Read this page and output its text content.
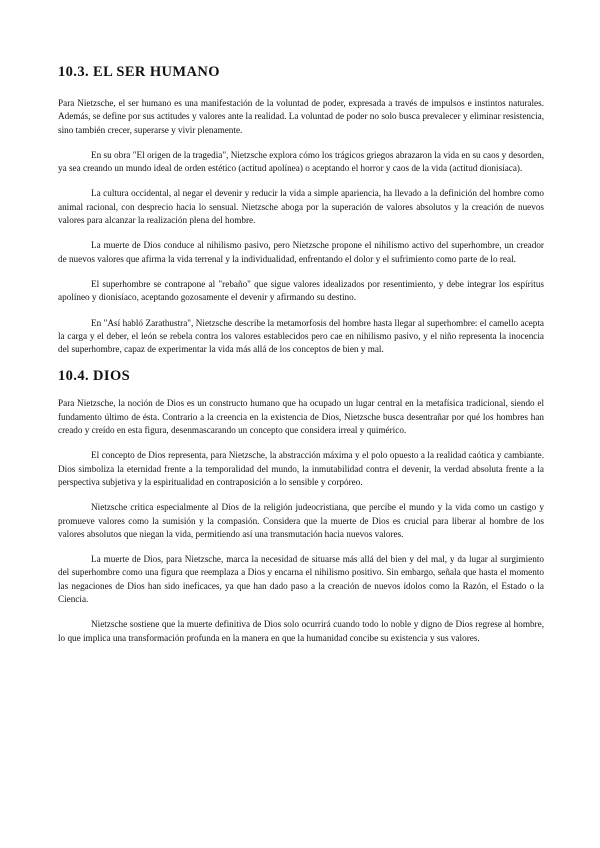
10.3. EL SER HUMANO

Para Nietzsche, el ser humano es una manifestación de la voluntad de poder, expresada a través de impulsos e instintos naturales. Además, se define por sus actitudes y valores ante la realidad. La voluntad de poder no solo busca prevalecer y eliminar resistencia, sino también crecer, superarse y vivir plenamente.

En su obra "El origen de la tragedia", Nietzsche explora cómo los trágicos griegos abrazaron la vida en su caos y desorden, ya sea creando un mundo ideal de orden estético (actitud apolínea) o aceptando el horror y caos de la vida (actitud dionisíaca).

La cultura occidental, al negar el devenir y reducir la vida a simple apariencia, ha llevado a la definición del hombre como animal racional, con desprecio hacia lo sensual. Nietzsche aboga por la superación de valores absolutos y la creación de nuevos valores para alcanzar la realización plena del hombre.

La muerte de Dios conduce al nihilismo pasivo, pero Nietzsche propone el nihilismo activo del superhombre, un creador de nuevos valores que afirma la vida terrenal y la individualidad, enfrentando el dolor y el sufrimiento como parte de lo real.

El superhombre se contrapone al "rebaño" que sigue valores idealizados por resentimiento, y debe integrar los espíritus apolíneo y dionisíaco, aceptando gozosamente el devenir y afirmando su destino.

En "Así habló Zarathustra", Nietzsche describe la metamorfosis del hombre hasta llegar al superhombre: el camello acepta la carga y el deber, el león se rebela contra los valores establecidos pero cae en nihilismo pasivo, y el niño representa la inocencia del superhombre, capaz de experimentar la vida más allá de los conceptos de bien y mal.

10.4. DIOS

Para Nietzsche, la noción de Dios es un constructo humano que ha ocupado un lugar central en la metafísica tradicional, siendo el fundamento último de ésta. Contrario a la creencia en la existencia de Dios, Nietzsche busca desentrañar por qué los hombres han creado y creído en esta figura, desenmascarando un concepto que considera irreal y quimérico.

El concepto de Dios representa, para Nietzsche, la abstracción máxima y el polo opuesto a la realidad caótica y cambiante. Dios simboliza la eternidad frente a la temporalidad del mundo, la inmutabilidad contra el devenir, la verdad absoluta frente a la perspectiva subjetiva y la espiritualidad en contraposición a lo sensible y corpóreo.

Nietzsche critica especialmente al Dios de la religión judeocristiana, que percibe el mundo y la vida como un castigo y promueve valores como la sumisión y la compasión. Considera que la muerte de Dios es crucial para liberar al hombre de los valores absolutos que niegan la vida, permitiendo así una transmutación hacia nuevos valores.

La muerte de Dios, para Nietzsche, marca la necesidad de situarse más allá del bien y del mal, y da lugar al surgimiento del superhombre como una figura que reemplaza a Dios y encarna el nihilismo positivo. Sin embargo, señala que hasta el momento las negaciones de Dios han sido ineficaces, ya que han dado paso a la creación de nuevos ídolos como la Razón, el Estado o la Ciencia.

Nietzsche sostiene que la muerte definitiva de Dios solo ocurrirá cuando todo lo noble y digno de Dios regrese al hombre, lo que implica una transformación profunda en la manera en que la humanidad concibe su existencia y sus valores.
